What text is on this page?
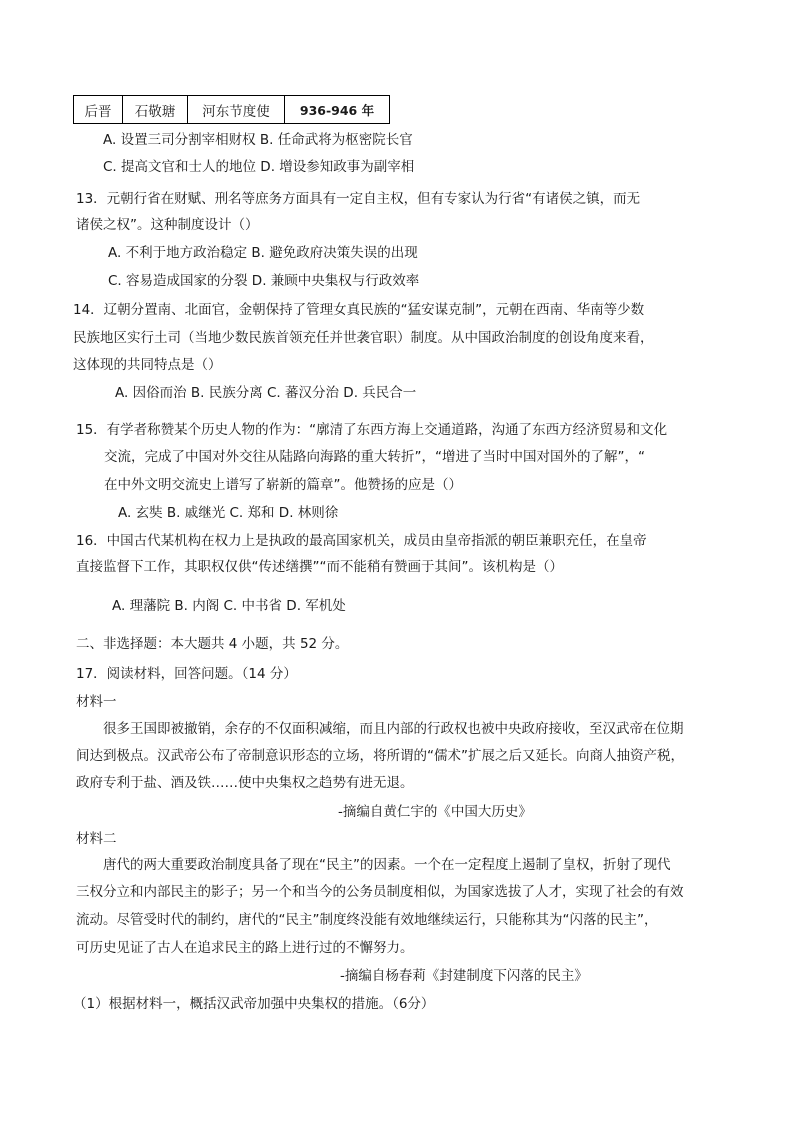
后晋	石敬瑭	河东节度使	936-946 年
A. 设置三司分割宰相财权 B. 任命武将为枢密院长官
C. 提高文官和士人的地位 D. 增设参知政事为副宰相
13．元朝行省在财赋、刑名等庶务方面具有一定自主权，但有专家认为行省“有诸侯之镇，而无
诸侯之权”。这种制度设计（）
A. 不利于地方政治稳定 B. 避免政府决策失误的出现
C. 容易造成国家的分裂 D. 兼顾中央集权与行政效率
14．辽朝分置南、北面官，金朝保持了管理女真民族的“猛安谋克制”，元朝在西南、华南等少数
民族地区实行土司（当地少数民族首领充任并世袭官职）制度。从中国政治制度的创设角度来看，
这体现的共同特点是（）
A. 因俗而治 B. 民族分离 C. 蕃汉分治 D. 兵民合一
15．有学者称赞某个历史人物的作为：“廓清了东西方海上交通道路，沟通了东西方经济贸易和文化
交流，完成了中国对外交往从陆路向海路的重大转折”，“增进了当时中国对国外的了解”，“
在中外文明交流史上谱写了崭新的篇章”。他赞扬的应是（）
A. 玄奘 B. 戚继光 C. 郑和 D. 林则徐
16．中国古代某机构在权力上是执政的最高国家机关，成员由皇帝指派的朝臣兼职充任，在皇帝
直接监督下工作，其职权仅供“传述缮撰”“而不能稍有赞画于其间”。该机构是（）
A. 理藩院 B. 内阁 C. 中书省 D. 军机处
二、非选择题：本大题共 4 小题，共 52 分。
17．阅读材料，回答问题。（14 分）
材料一
很多王国即被撤销，余存的不仅面积减缩，而且内部的行政权也被中央政府接收，至汉武帝在位期
间达到极点。汉武帝公布了帝制意识形态的立场，将所谓的“儒术”扩展之后又延长。向商人抽资产税，
政府专利于盐、酒及铁……使中央集权之趋势有进无退。
-摘编自黄仁宇的《中国大历史》
材料二
唐代的两大重要政治制度具备了现在“民主”的因素。一个在一定程度上遏制了皇权，折射了现代
三权分立和内部民主的影子；另一个和当今的公务员制度相似，为国家选拔了人才，实现了社会的有效
流动。尽管受时代的制约，唐代的“民主”制度终没能有效地继续运行，只能称其为“闪落的民主”，
可历史见证了古人在追求民主的路上进行过的不懈努力。
-摘编自杨春莉《封建制度下闪落的民主》
（1）根据材料一，概括汉武帝加强中央集权的措施。（6分）
